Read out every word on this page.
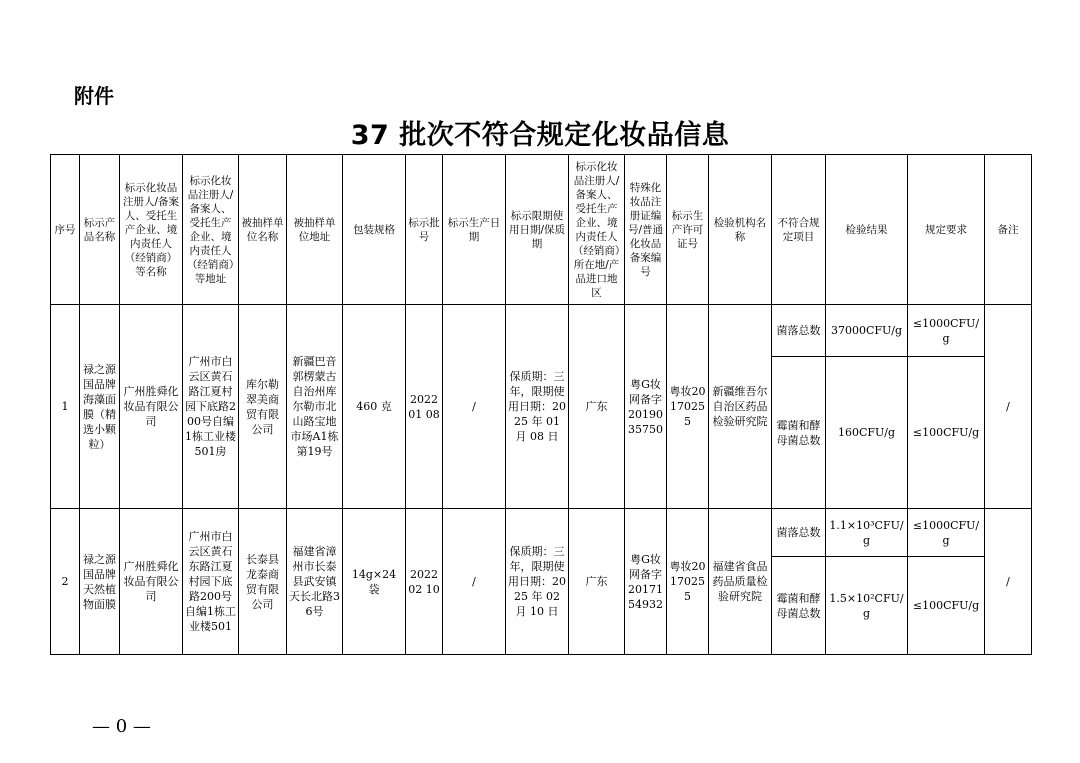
附件
37 批次不符合规定化妆品信息
序号	标示产品名称	标示化妆品注册人/备案人、受托生产企业、境内责任人（经销商）等名称	标示化妆品注册人/备案人、受托生产企业、境内责任人（经销商）等地址	被抽样单位名称	被抽样单位地址	包装规格	标示批号	标示生产日期	标示限期使用日期/保质期	标示化妆品注册人/备案人、受托生产企业、境内责任人（经销商）所在地/产品进口地区	特殊化妆品注册证编号/普通化妆品备案编号	标示生产许可证号	检验机构名称	不符合规定项目	检验结果	规定要求	备注
1	禄之源国品牌海藻面膜（精选小颗粒）	广州胜舜化妆品有限公司	广州市白云区黄石路江夏村园下底路200号自编1栋工业楼501房	库尔勒翠美商贸有限公司	新疆巴音郭楞蒙古自治州库尔勒市北山路宝地市场A1栋第19号	460 克	2022 01 08	/	保质期：三年，限期使用日期：2025 年 01 月 08 日	广东	粤G妆网备字2019035750	粤妆20170255	新疆维吾尔自治区药品检验研究院	菌落总数	37000CFU/g	≤1000CFU/g	/
														霉菌和酵母菌总数	160CFU/g	≤100CFU/g	
2	禄之源国品牌天然植物面膜	广州胜舜化妆品有限公司	广州市白云区黄石东路江夏村园下底路200号自编1栋工业楼501	长泰县龙泰商贸有限公司	福建省漳州市长泰县武安镇天长北路36号	14g×24 袋	2022 02 10	/	保质期：三年，限期使用日期：2025 年 02 月 10 日	广东	粤G妆网备字2017154932	粤妆20170255	福建省食品药品质量检验研究院	菌落总数	1.1×10³CFU/g	≤1000CFU/g	/
														霉菌和酵母菌总数	1.5×10²CFU/g	≤100CFU/g	
— 0 —
